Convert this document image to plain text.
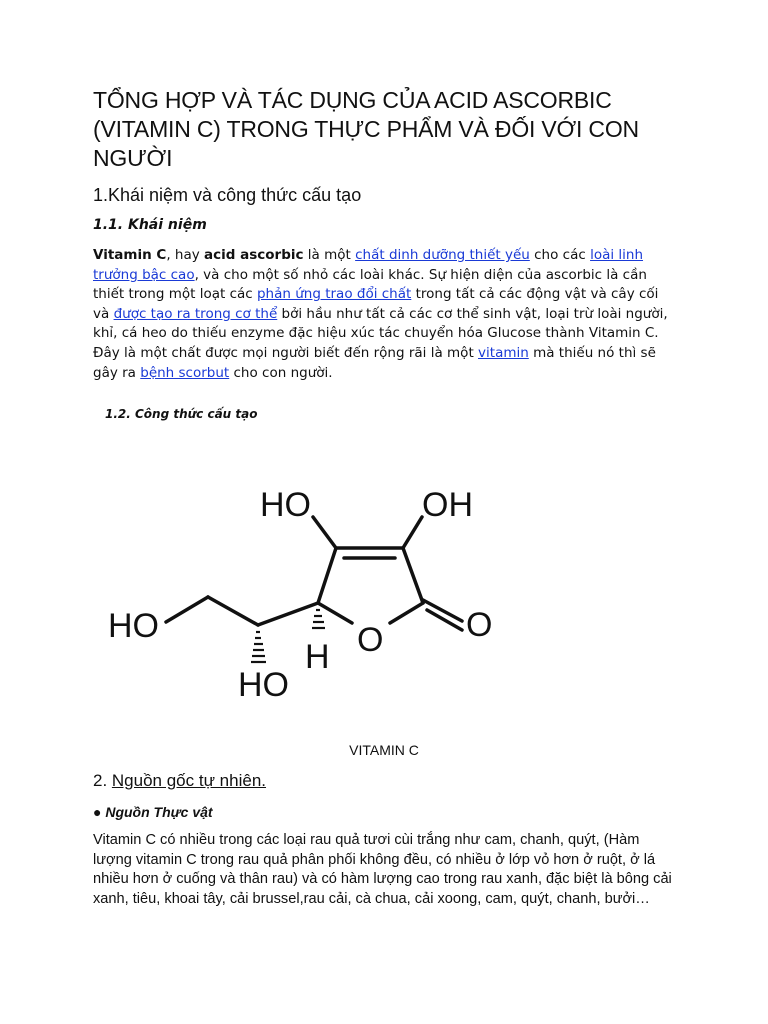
TỔNG HỢP VÀ TÁC DỤNG CỦA ACID ASCORBIC (VITAMIN C) TRONG THỰC PHẨM VÀ ĐỐI VỚI CON NGƯỜI
1.Khái niệm và công thức cấu tạo
1.1. Khái niệm

Vitamin C, hay acid ascorbic là một chất dinh dưỡng thiết yếu cho các loài linh trưởng bậc cao, và cho một số nhỏ các loài khác. Sự hiện diện của ascorbic là cần thiết trong một loạt các phản ứng trao đổi chất trong tất cả các động vật và cây cối và được tạo ra trong cơ thể bởi hầu như tất cả các cơ thể sinh vật, loại trừ loài người, khỉ, cá heo do thiếu enzyme đặc hiệu xúc tác chuyển hóa Glucose thành Vitamin C. Đây là một chất được mọi người biết đến rộng rãi là một vitamin mà thiếu nó thì sẽ gây ra bệnh scorbut cho con người.

1.2. Công thức cấu tạo
HO	OH
HO
H O O
HO
VITAMIN C
2. Nguồn gốc tự nhiên.
● Nguồn Thực vật

Vitamin C có nhiều trong các loại rau quả tươi cùi trắng như cam, chanh, quýt, (Hàm lượng vitamin C trong rau quả phân phối không đều, có nhiều ở lớp vỏ hơn ở ruột, ở lá nhiều hơn ở cuống và thân rau) và có hàm lượng cao trong rau xanh, đặc biệt là bông cải xanh, tiêu, khoai tây, cải brussel,rau cải, cà chua, cải xoong, cam, quýt, chanh, bưởi…
